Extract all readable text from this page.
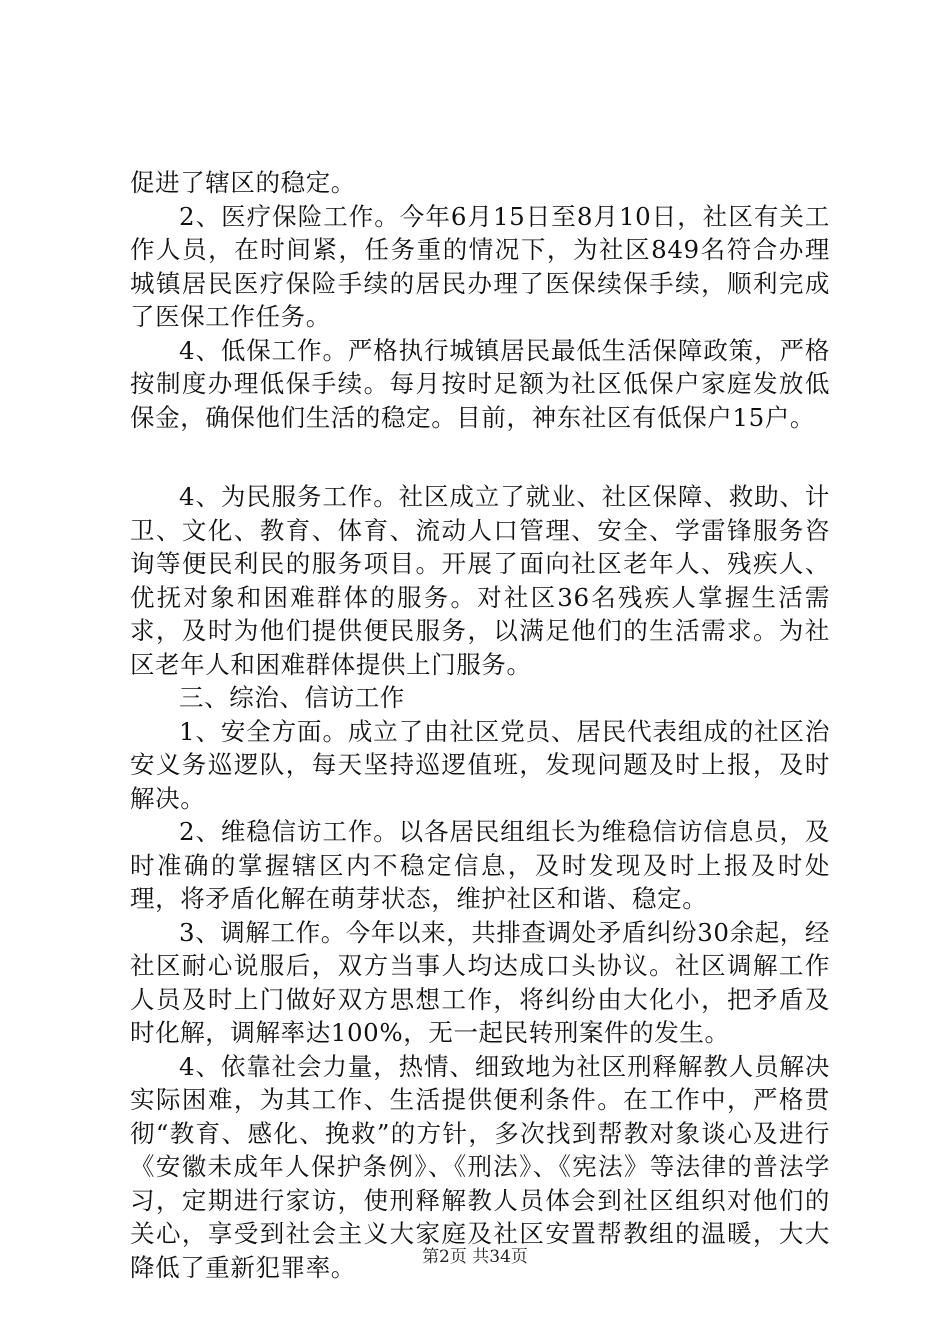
促进了辖区的稳定。

2、医疗保险工作。今年6月15日至8月10日，社区有关工作人员，在时间紧，任务重的情况下，为社区849名符合办理城镇居民医疗保险手续的居民办理了医保续保手续，顺利完成了医保工作任务。

4、低保工作。严格执行城镇居民最低生活保障政策，严格按制度办理低保手续。每月按时足额为社区低保户家庭发放低保金，确保他们生活的稳定。目前，神东社区有低保户15户。

4、为民服务工作。社区成立了就业、社区保障、救助、计卫、文化、教育、体育、流动人口管理、安全、学雷锋服务咨询等便民利民的服务项目。开展了面向社区老年人、残疾人、优抚对象和困难群体的服务。对社区36名残疾人掌握生活需求，及时为他们提供便民服务，以满足他们的生活需求。为社区老年人和困难群体提供上门服务。

三、综治、信访工作

1、安全方面。成立了由社区党员、居民代表组成的社区治安义务巡逻队，每天坚持巡逻值班，发现问题及时上报，及时解决。

2、维稳信访工作。以各居民组组长为维稳信访信息员，及时准确的掌握辖区内不稳定信息，及时发现及时上报及时处理，将矛盾化解在萌芽状态，维护社区和谐、稳定。

3、调解工作。今年以来，共排查调处矛盾纠纷30余起，经社区耐心说服后，双方当事人均达成口头协议。社区调解工作人员及时上门做好双方思想工作，将纠纷由大化小，把矛盾及时化解，调解率达100%，无一起民转刑案件的发生。

4、依靠社会力量，热情、细致地为社区刑释解教人员解决实际困难，为其工作、生活提供便利条件。在工作中，严格贯彻“教育、感化、挽救”的方针，多次找到帮教对象谈心及进行《安徽未成年人保护条例》、《刑法》、《宪法》等法律的普法学习，定期进行家访，使刑释解教人员体会到社区组织对他们的关心，享受到社会主义大家庭及社区安置帮教组的温暖，大大降低了重新犯罪率。	第2页 共34页
